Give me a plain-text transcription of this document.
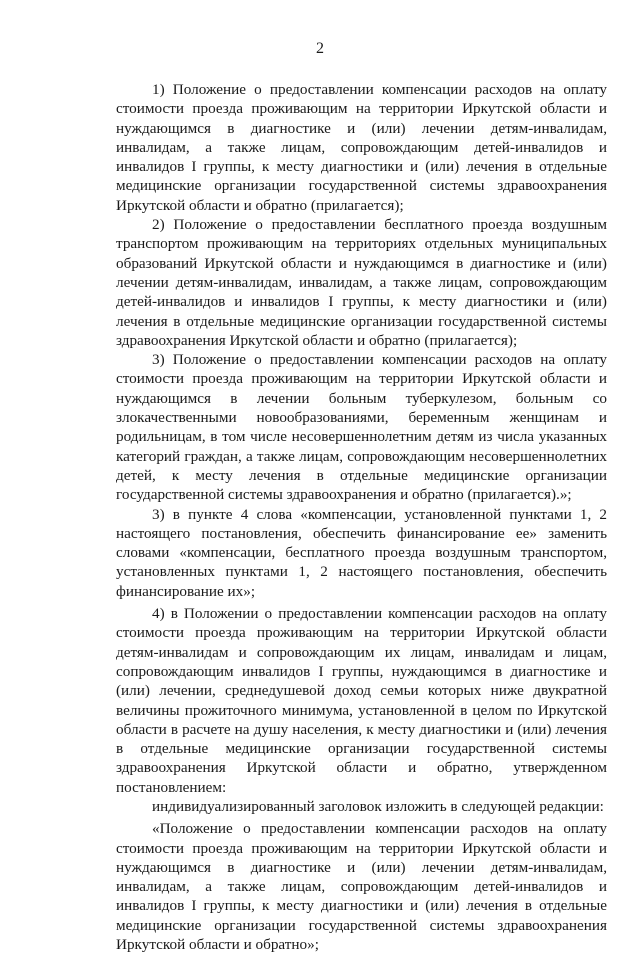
2

1) Положение о предоставлении компенсации расходов на оплату стоимости проезда проживающим на территории Иркутской области и нуждающимся в диагностике и (или) лечении детям-инвалидам, инвалидам, а также лицам, сопровождающим детей-инвалидов и инвалидов I группы, к месту диагностики и (или) лечения в отдельные медицинские организации государственной системы здравоохранения Иркутской области и обратно (прилагается);

2) Положение о предоставлении бесплатного проезда воздушным транспортом проживающим на территориях отдельных муниципальных образований Иркутской области и нуждающимся в диагностике и (или) лечении детям-инвалидам, инвалидам, а также лицам, сопровождающим детей-инвалидов и инвалидов I группы, к месту диагностики и (или) лечения в отдельные медицинские организации государственной системы здравоохранения Иркутской области и обратно (прилагается);

3) Положение о предоставлении компенсации расходов на оплату стоимости проезда проживающим на территории Иркутской области и нуждающимся в лечении больным туберкулезом, больным со злокачественными новообразованиями, беременным женщинам и родильницам, в том числе несовершеннолетним детям из числа указанных категорий граждан, а также лицам, сопровождающим несовершеннолетних детей, к месту лечения в отдельные медицинские организации государственной системы здравоохранения и обратно (прилагается).»;

3) в пункте 4 слова «компенсации, установленной пунктами 1, 2 настоящего постановления, обеспечить финансирование ее» заменить словами «компенсации, бесплатного проезда воздушным транспортом, установленных пунктами 1, 2 настоящего постановления, обеспечить финансирование их»;

4) в Положении о предоставлении компенсации расходов на оплату стоимости проезда проживающим на территории Иркутской области детям-инвалидам и сопровождающим их лицам, инвалидам и лицам, сопровождающим инвалидов I группы, нуждающимся в диагностике и (или) лечении, среднедушевой доход семьи которых ниже двукратной величины прожиточного минимума, установленной в целом по Иркутской области в расчете на душу населения, к месту диагностики и (или) лечения в отдельные медицинские организации государственной системы здравоохранения Иркутской области и обратно, утвержденном постановлением:

индивидуализированный заголовок изложить в следующей редакции:

«Положение о предоставлении компенсации расходов на оплату стоимости проезда проживающим на территории Иркутской области и нуждающимся в диагностике и (или) лечении детям-инвалидам, инвалидам, а также лицам, сопровождающим детей-инвалидов и инвалидов I группы, к месту диагностики и (или) лечения в отдельные медицинские организации государственной системы здравоохранения Иркутской области и обратно»;
